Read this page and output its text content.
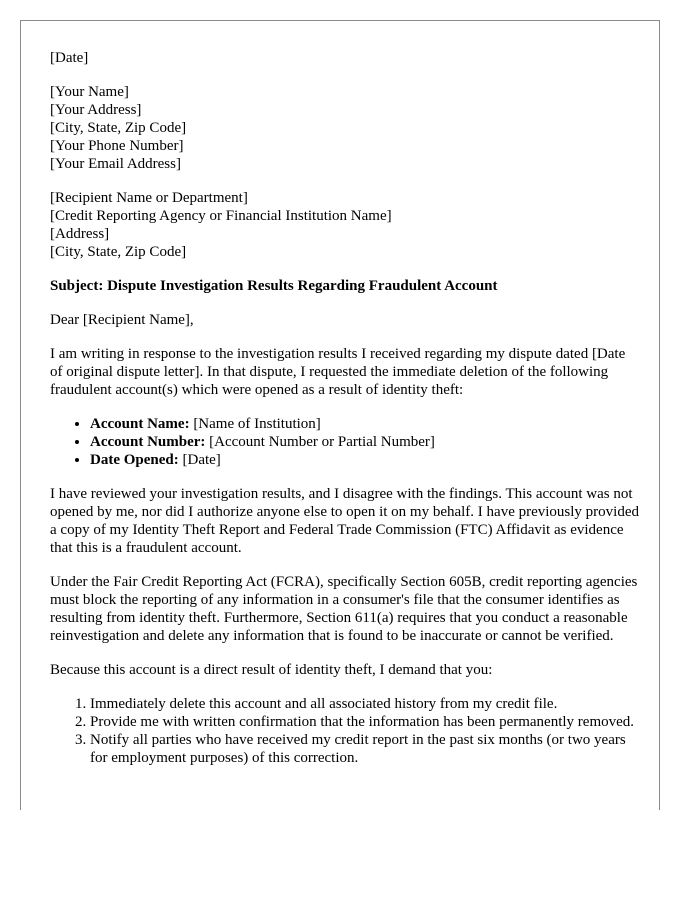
[Date]

[Your Name]
[Your Address]
[City, State, Zip Code]
[Your Phone Number]
[Your Email Address]
[Recipient Name or Department]
[Credit Reporting Agency or Financial Institution Name]
[Address]
[City, State, Zip Code]

Subject: Dispute Investigation Results Regarding Fraudulent Account

Dear [Recipient Name],

I am writing in response to the investigation results I received regarding my dispute dated [Date of original dispute letter]. In that dispute, I requested the immediate deletion of the following fraudulent account(s) which were opened as a result of identity theft:

• Account Name: [Name of Institution]
• Account Number: [Account Number or Partial Number]
• Date Opened: [Date]

I have reviewed your investigation results, and I disagree with the findings. This account was not opened by me, nor did I authorize anyone else to open it on my behalf. I have previously provided a copy of my Identity Theft Report and Federal Trade Commission (FTC) Affidavit as evidence that this is a fraudulent account.

Under the Fair Credit Reporting Act (FCRA), specifically Section 605B, credit reporting agencies must block the reporting of any information in a consumer's file that the consumer identifies as resulting from identity theft. Furthermore, Section 611(a) requires that you conduct a reasonable reinvestigation and delete any information that is found to be inaccurate or cannot be verified.

Because this account is a direct result of identity theft, I demand that you:

1. Immediately delete this account and all associated history from my credit file.
2. Provide me with written confirmation that the information has been permanently removed.
3. Notify all parties who have received my credit report in the past six months (or two years for employment purposes) of this correction.
